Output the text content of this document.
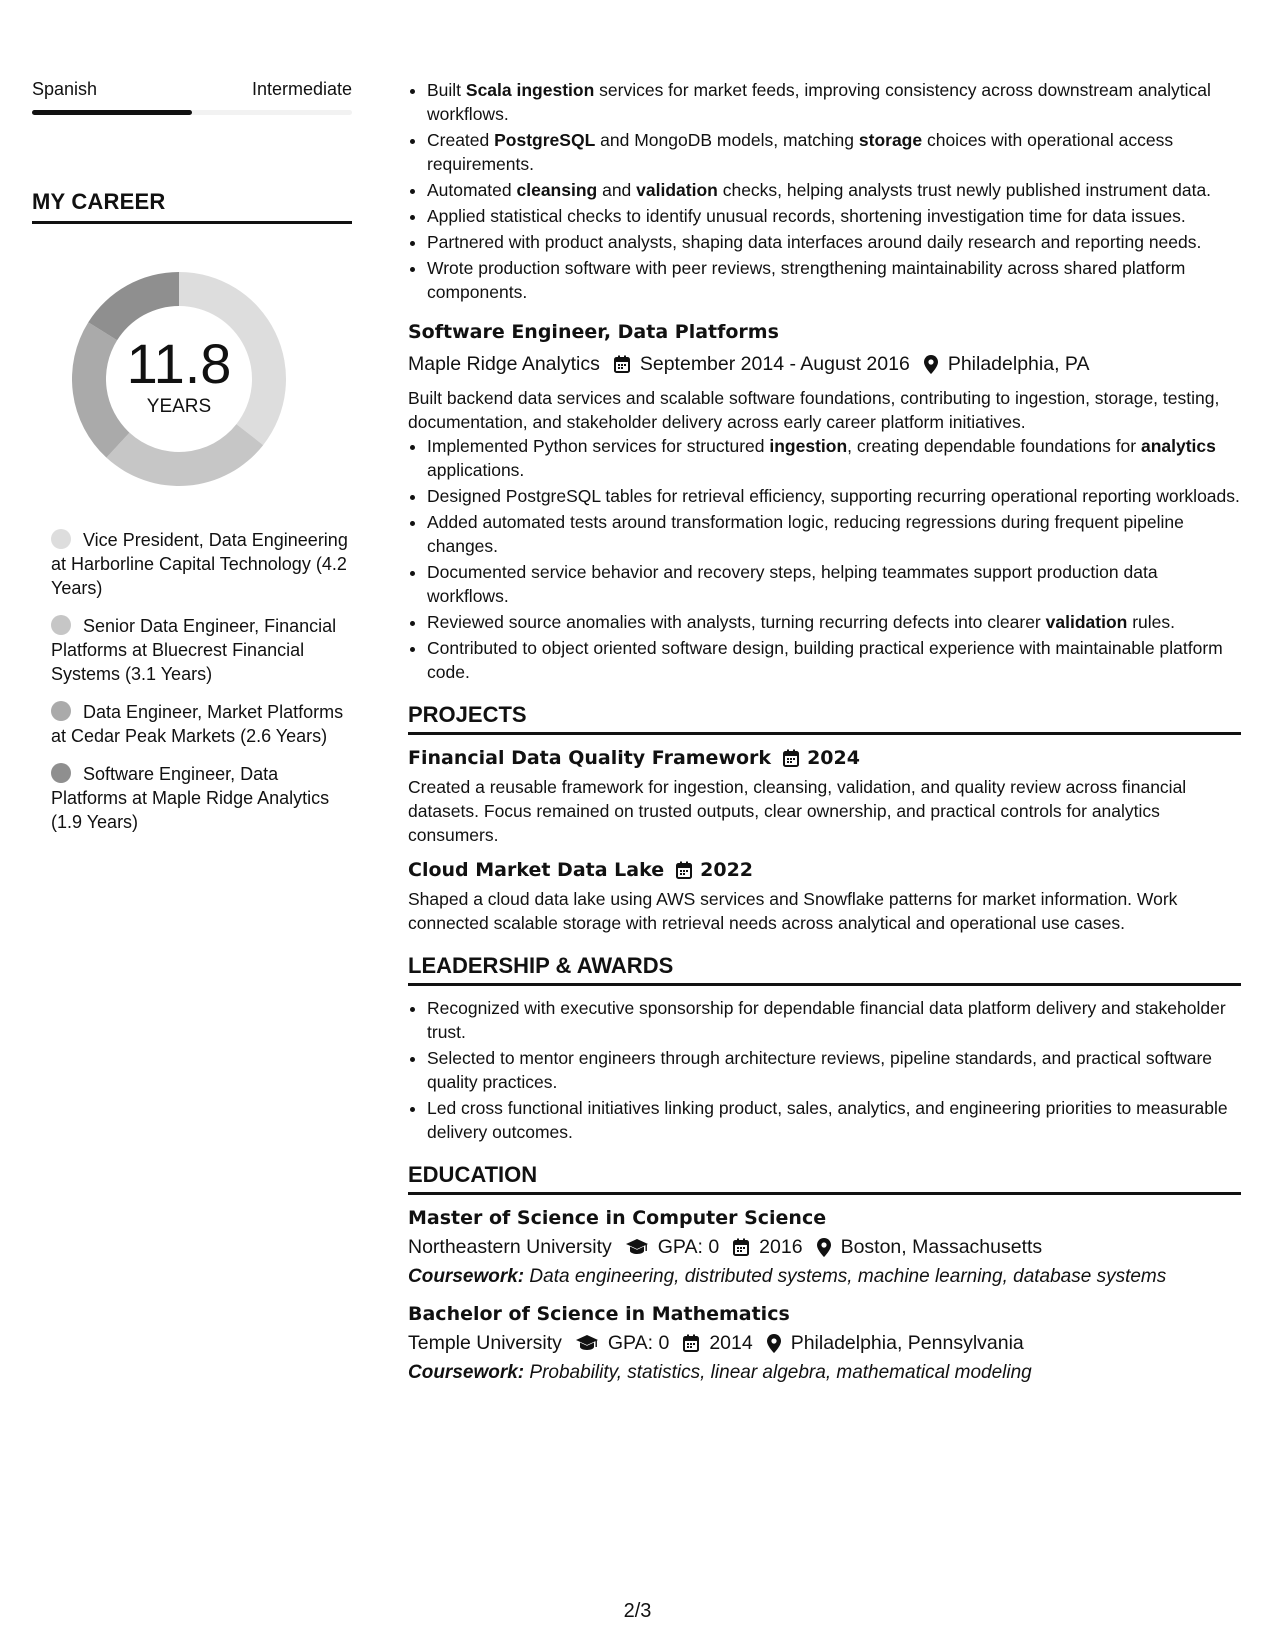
Spanish	Intermediate
MY CAREER
11.8
YEARS
Vice President, Data Engineering at Harborline Capital Technology (4.2 Years)
Senior Data Engineer, Financial Platforms at Bluecrest Financial Systems (3.1 Years)
Data Engineer, Market Platforms at Cedar Peak Markets (2.6 Years)
Software Engineer, Data Platforms at Maple Ridge Analytics (1.9 Years)
• Built Scala ingestion services for market feeds, improving consistency across downstream analytical workflows.
• Created PostgreSQL and MongoDB models, matching storage choices with operational access requirements.
• Automated cleansing and validation checks, helping analysts trust newly published instrument data.
• Applied statistical checks to identify unusual records, shortening investigation time for data issues.
• Partnered with product analysts, shaping data interfaces around daily research and reporting needs.
• Wrote production software with peer reviews, strengthening maintainability across shared platform components.
Software Engineer, Data Platforms
Maple Ridge Analytics September 2014 - August 2016 Philadelphia, PA
Built backend data services and scalable software foundations, contributing to ingestion, storage, testing, documentation, and stakeholder delivery across early career platform initiatives.
• Implemented Python services for structured ingestion, creating dependable foundations for analytics applications.
• Designed PostgreSQL tables for retrieval efficiency, supporting recurring operational reporting workloads.
• Added automated tests around transformation logic, reducing regressions during frequent pipeline changes.
• Documented service behavior and recovery steps, helping teammates support production data workflows.
• Reviewed source anomalies with analysts, turning recurring defects into clearer validation rules.
• Contributed to object oriented software design, building practical experience with maintainable platform code.
PROJECTS
Financial Data Quality Framework 2024
Created a reusable framework for ingestion, cleansing, validation, and quality review across financial datasets. Focus remained on trusted outputs, clear ownership, and practical controls for analytics consumers.
Cloud Market Data Lake 2022
Shaped a cloud data lake using AWS services and Snowflake patterns for market information. Work connected scalable storage with retrieval needs across analytical and operational use cases.
LEADERSHIP & AWARDS
• Recognized with executive sponsorship for dependable financial data platform delivery and stakeholder trust.
• Selected to mentor engineers through architecture reviews, pipeline standards, and practical software quality practices.
• Led cross functional initiatives linking product, sales, analytics, and engineering priorities to measurable delivery outcomes.
EDUCATION
Master of Science in Computer Science
Northeastern University GPA: 0 2016 Boston, Massachusetts
Coursework: Data engineering, distributed systems, machine learning, database systems
Bachelor of Science in Mathematics
Temple University GPA: 0 2014 Philadelphia, Pennsylvania
Coursework: Probability, statistics, linear algebra, mathematical modeling
2/3
